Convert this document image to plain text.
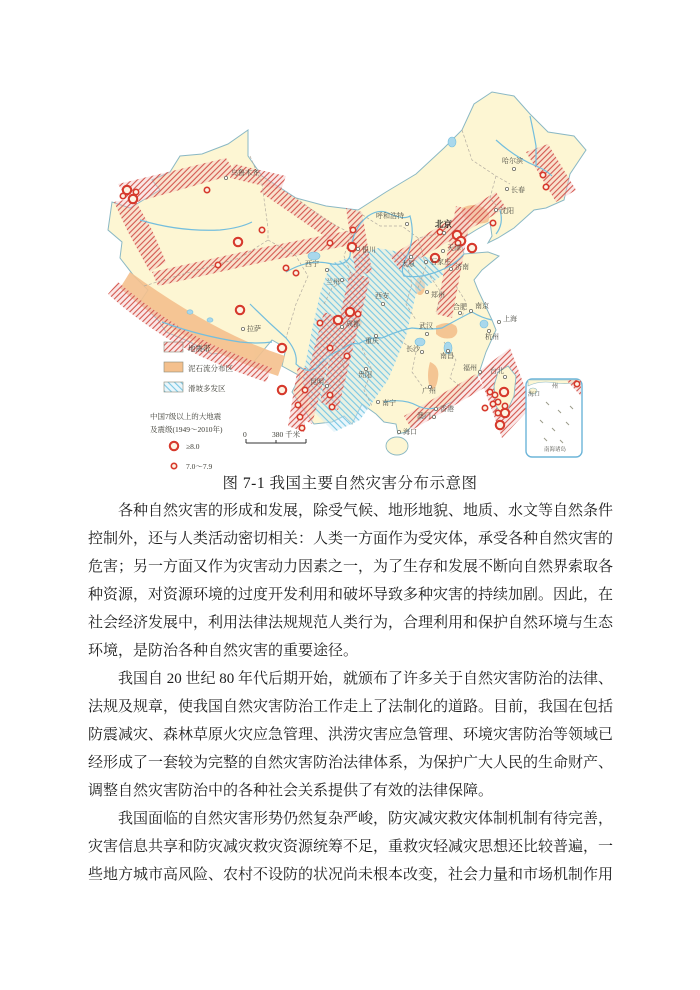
乌鲁木齐
哈尔滨
长春
沈阳
呼和浩特
北京
天津
石家庄
太原	济南
银川
西宁
兰州
西安	郑州
合肥 南京
上海
武汉
杭州
成都
重庆
长沙
南昌
贵阳
福州 台北
昆明
广州
南宁
香港
澳门
海口
拉萨
地震带
泥石流分布区
滑坡多发区
中国7级以上的大地震
及震级(1949～2010年)
≥8.0
7.0～7.9
0	380 千米
州
海口
南海诸岛
图 7-1 我国主要自然灾害分布示意图
　　各种自然灾害的形成和发展，除受气候、地形地貌、地质、水文等自然条件
控制外，还与人类活动密切相关：人类一方面作为受灾体，承受各种自然灾害的
危害；另一方面又作为灾害动力因素之一，为了生存和发展不断向自然界索取各
种资源，对资源环境的过度开发利用和破坏导致多种灾害的持续加剧。因此，在
社会经济发展中，利用法律法规规范人类行为，合理利用和保护自然环境与生态
环境，是防治各种自然灾害的重要途径。
　　我国自 20 世纪 80 年代后期开始，就颁布了许多关于自然灾害防治的法律、
法规及规章，使我国自然灾害防治工作走上了法制化的道路。目前，我国在包括
防震减灾、森林草原火灾应急管理、洪涝灾害应急管理、环境灾害防治等领域已
经形成了一套较为完整的自然灾害防治法律体系，为保护广大人民的生命财产、
调整自然灾害防治中的各种社会关系提供了有效的法律保障。
　　我国面临的自然灾害形势仍然复杂严峻，防灾减灾救灾体制机制有待完善，
灾害信息共享和防灾减灾救灾资源统筹不足，重救灾轻减灾思想还比较普遍，一
些地方城市高风险、农村不设防的状况尚未根本改变，社会力量和市场机制作用
